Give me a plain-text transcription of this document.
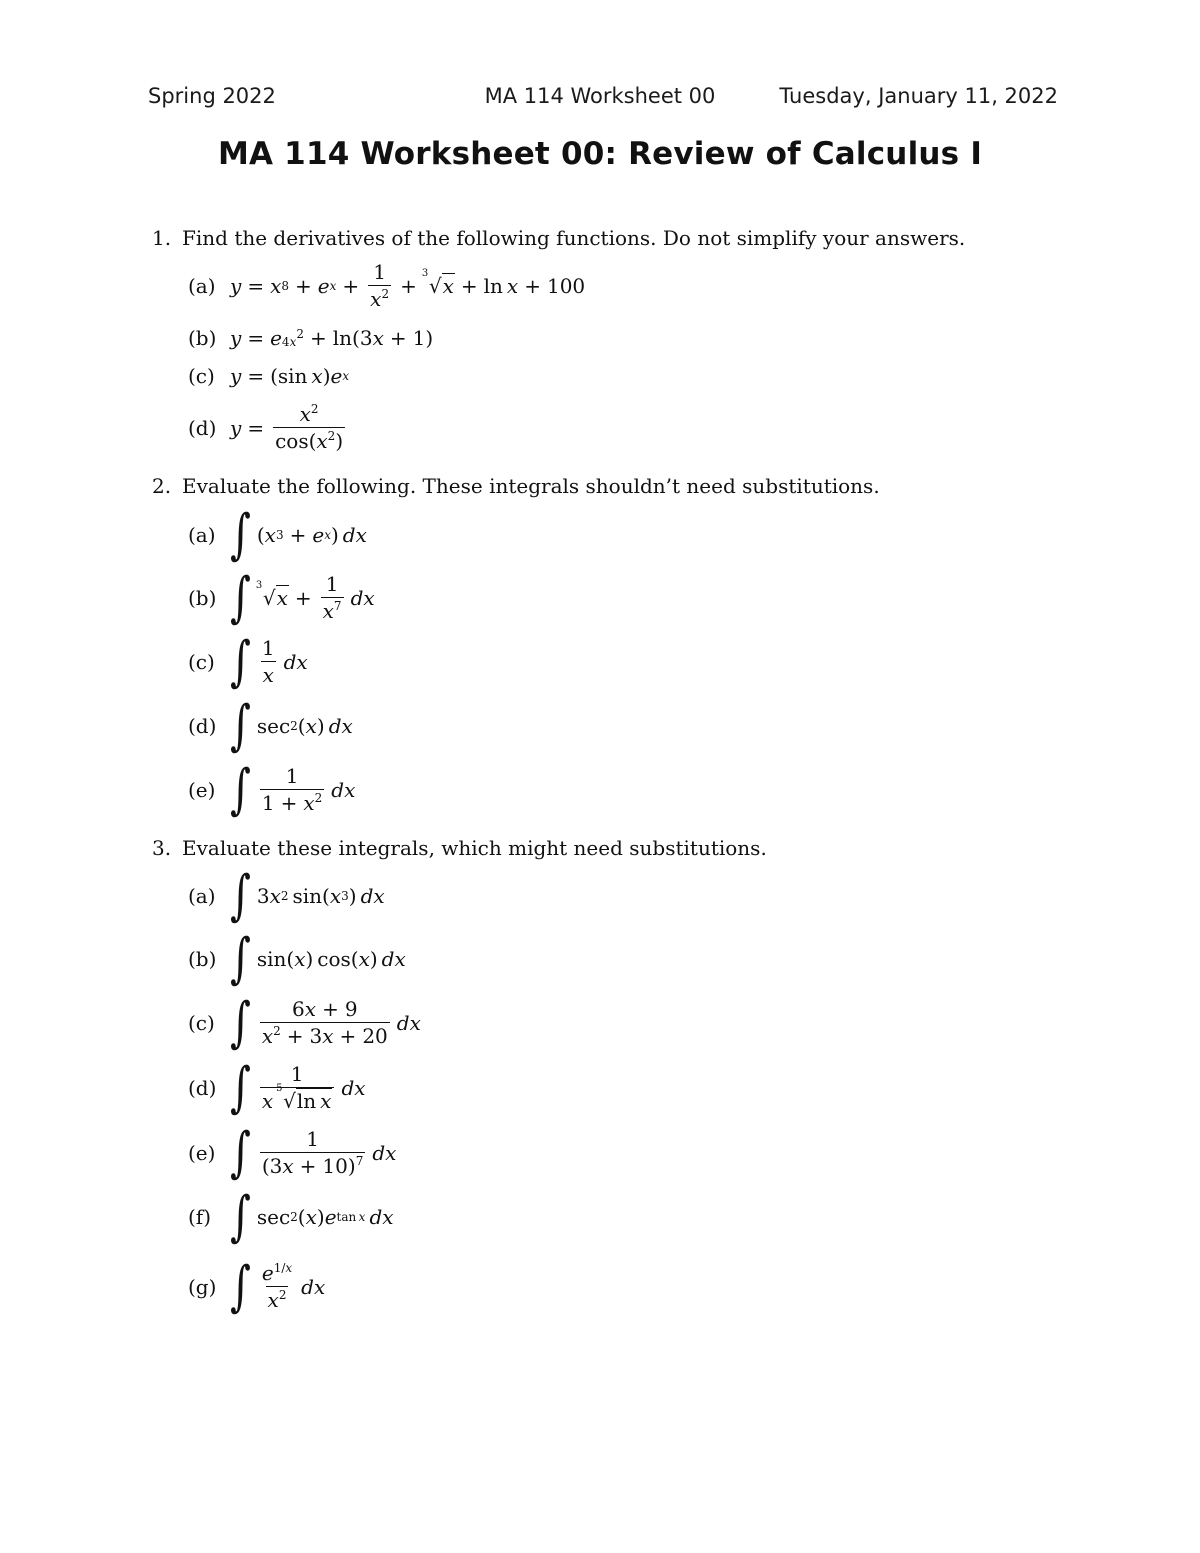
Spring 2022	MA 114 Worksheet 00	Tuesday, January 11, 2022
MA 114 Worksheet 00: Review of Calculus I
1. Find the derivatives of the following functions. Do not simplify your answers.
(a) y = x 8 + e $x + \frac{1}{x^2}$ +
3
√x + ln  x + 100
(b) y = e $4x^2 + \ln(3$ x + 1)
(c) y = (sin  x ) e x
(d) $y = \frac{x^2}{\cos(x^2)}$
2. Evaluate the following. These integrals shouldn’t need substitutions.
(a) ∫ ( x 3 + e x )  dx
(b) ∫ 3
$√x + \frac{1}{x^7}$
  dx
(c) ∫ $\frac{1}{x}$
  dx
(d) ∫ sec 2 ( x )  dx
(e) ∫ $\frac{1}{1 + x^2}$
  dx
3. Evaluate these integrals, which might need substitutions.
(a) ∫ 3 x 2  sin( x 3 )  dx
(b) ∫ sin( x ) cos( x )  dx
(c) ∫ $\frac{6x + 9}{x^2 + 3x + 20}$
  dx
(d) ∫ 1
x 
5
√ln x
  dx
(e) ∫ $\frac{1}{(3x + 10)^7}$
  dx
(f) ∫ sec 2 ( x ) e tan x
  dx
(g) ∫ $\frac{e^{1/x}}{x^2}$
  dx
